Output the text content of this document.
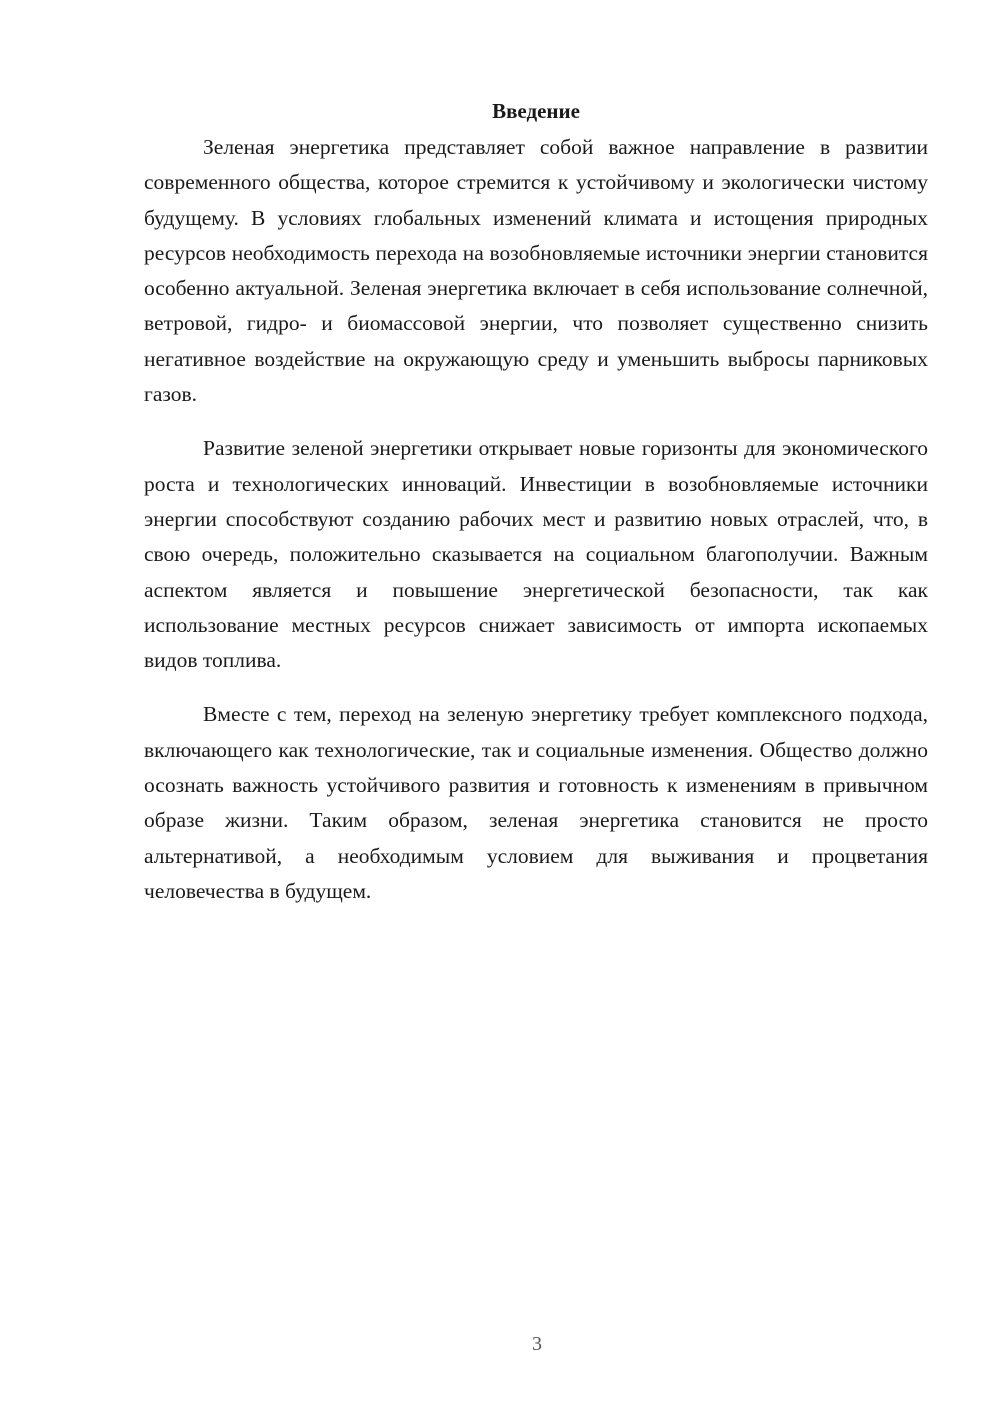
Введение

Зеленая энергетика представляет собой важное направление в развитии современного общества, которое стремится к устойчивому и экологически чистому будущему. В условиях глобальных изменений климата и истощения природных ресурсов необходимость перехода на возобновляемые источники энергии становится особенно актуальной. Зеленая энергетика включает в себя использование солнечной, ветровой, гидро- и биомассовой энергии, что позволяет существенно снизить негативное воздействие на окружающую среду и уменьшить выбросы парниковых газов.

Развитие зеленой энергетики открывает новые горизонты для экономического роста и технологических инноваций. Инвестиции в возобновляемые источники энергии способствуют созданию рабочих мест и развитию новых отраслей, что, в свою очередь, положительно сказывается на социальном благополучии. Важным аспектом является и повышение энергетической безопасности, так как использование местных ресурсов снижает зависимость от импорта ископаемых видов топлива.

Вместе с тем, переход на зеленую энергетику требует комплексного подхода, включающего как технологические, так и социальные изменения. Общество должно осознать важность устойчивого развития и готовность к изменениям в привычном образе жизни. Таким образом, зеленая энергетика становится не просто альтернативой, а необходимым условием для выживания и процветания человечества в будущем.

3
